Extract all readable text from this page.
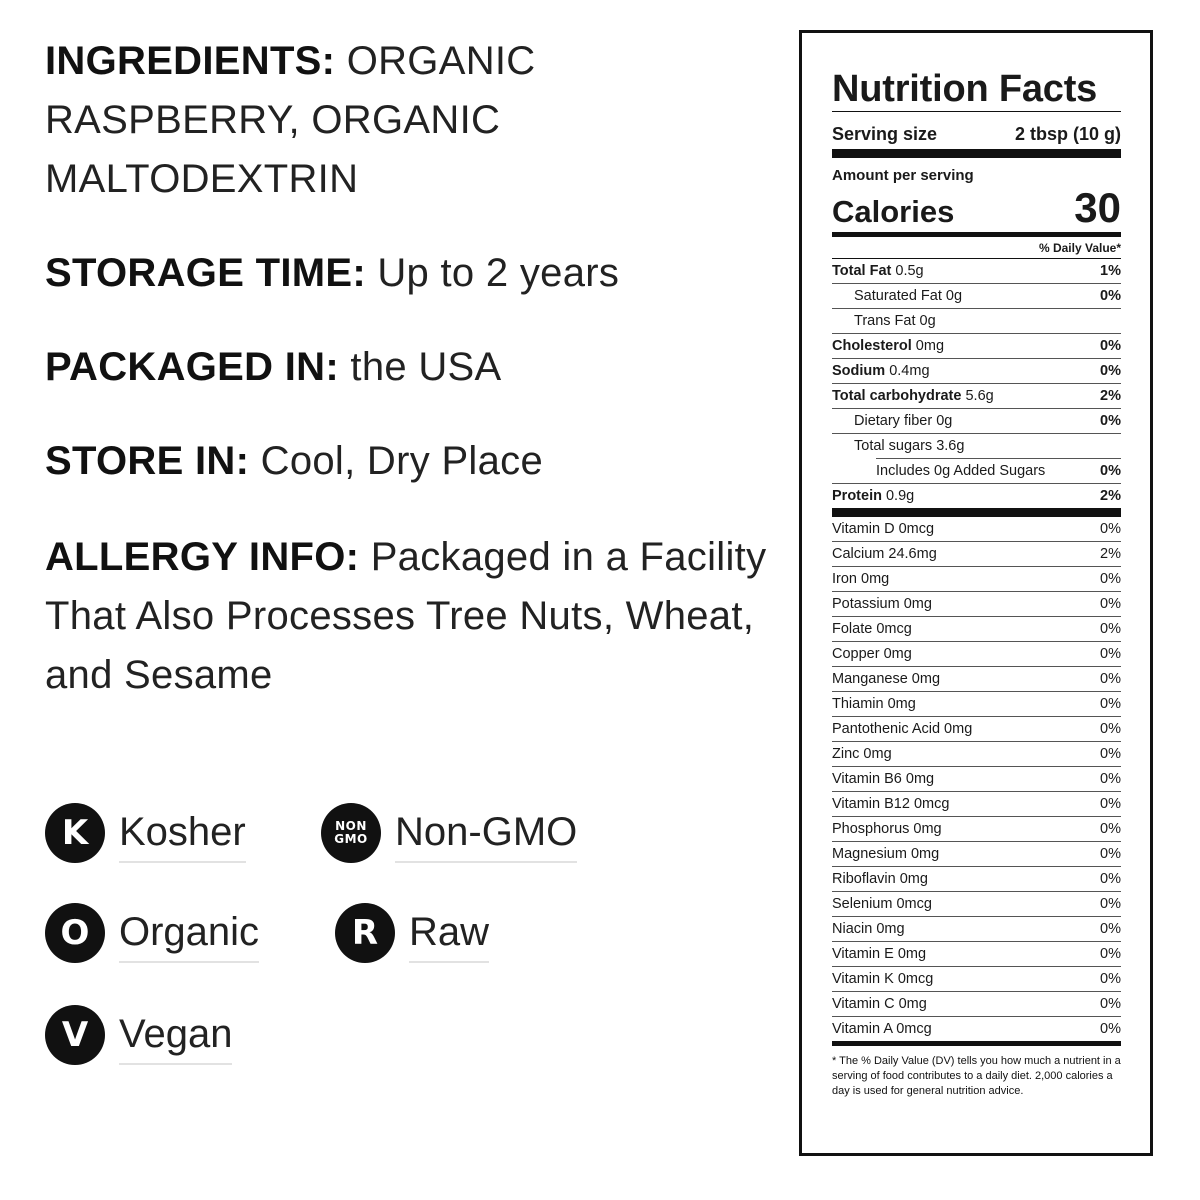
INGREDIENTS: ORGANIC RASPBERRY, ORGANIC MALTODEXTRIN

STORAGE TIME: Up to 2 years

PACKAGED IN: the USA

STORE IN: Cool, Dry Place

ALLERGY INFO: Packaged in a Facility That Also Processes Tree Nuts, Wheat, and Sesame

K Kosher	NON
GMO Non-GMO
O Organic	R Raw
V Vegan
Nutrition Facts
Serving size	2 tbsp (10 g)
Amount per serving
Calories	30
% Daily Value*
Total Fat 0.5g	1%
Saturated Fat 0g	0%
Trans Fat 0g
Cholesterol 0mg	0%
Sodium 0.4mg	0%
Total carbohydrate 5.6g	2%
Dietary fiber 0g	0%
Total sugars 3.6g
Includes 0g Added Sugars	0%
Protein 0.9g	2%
Vitamin D 0mcg	0%
Calcium 24.6mg	2%
Iron 0mg	0%
Potassium 0mg	0%
Folate 0mcg	0%
Copper 0mg	0%
Manganese 0mg	0%
Thiamin 0mg	0%
Pantothenic Acid 0mg	0%
Zinc 0mg	0%
Vitamin B6 0mg	0%
Vitamin B12 0mcg	0%
Phosphorus 0mg	0%
Magnesium 0mg	0%
Riboflavin 0mg	0%
Selenium 0mcg	0%
Niacin 0mg	0%
Vitamin E 0mg	0%
Vitamin K 0mcg	0%
Vitamin C 0mg	0%
Vitamin A 0mcg	0%
* The % Daily Value (DV) tells you how much a nutrient in a serving of food contributes to a daily diet. 2,000 calories a day is used for general nutrition advice.
